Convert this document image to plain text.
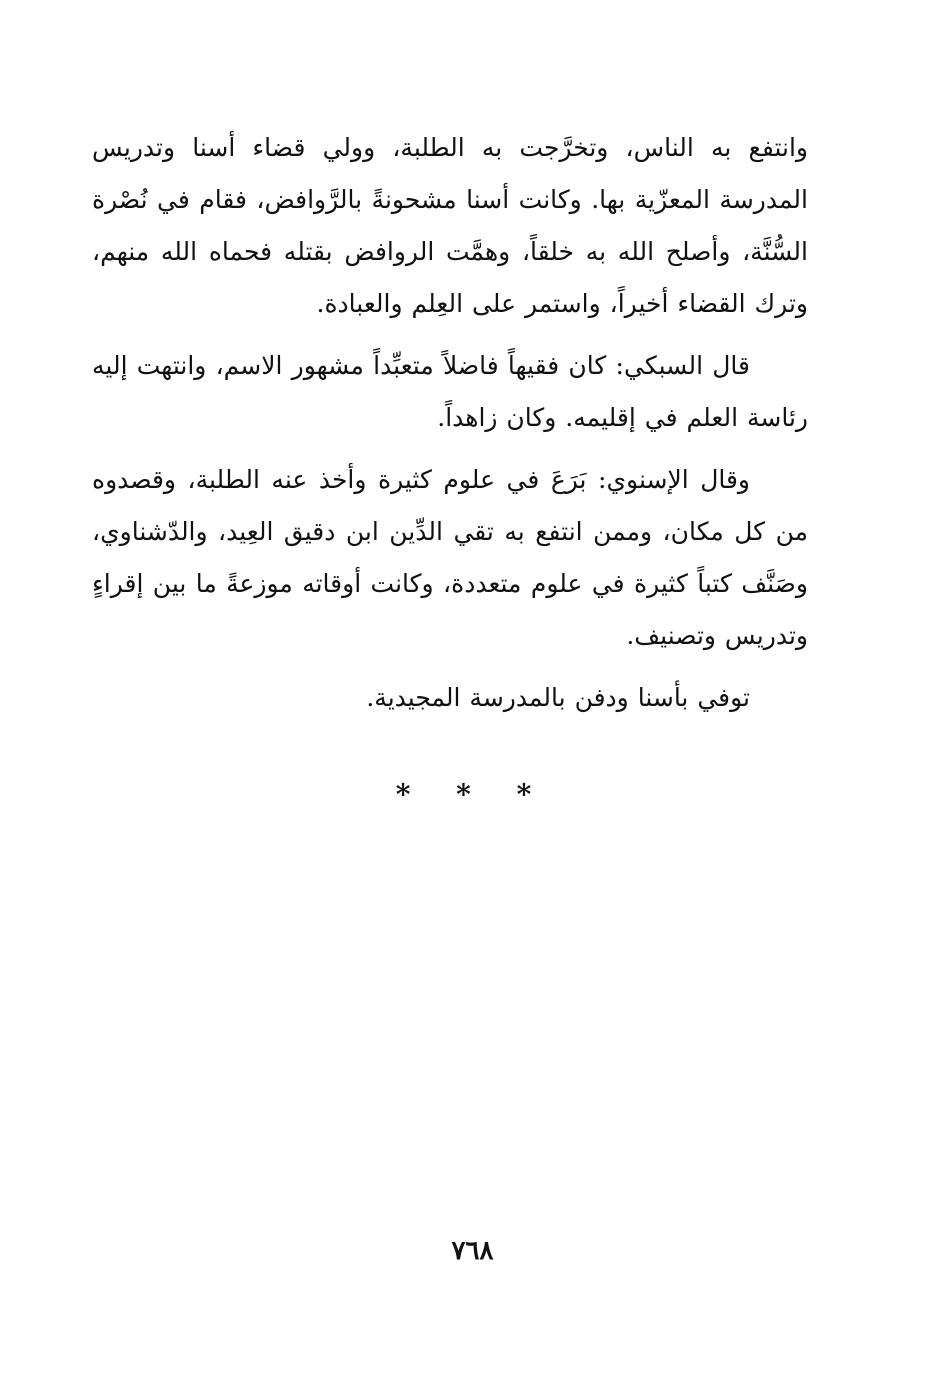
وانتفع به الناس، وتخرَّجت به الطلبة، وولي قضاء أسنا وتدريس المدرسة المعزّية بها. وكانت أسنا مشحونةً بالرَّوافض، فقام في نُصْرة السُّنَّة، وأصلح الله به خلقاً، وهمَّت الروافض بقتله فحماه الله منهم، وترك القضاء أخيراً، واستمر على العِلم والعبادة.

قال السبكي: كان فقيهاً فاضلاً متعبِّداً مشهور الاسم، وانتهت إليه رئاسة العلم في إقليمه. وكان زاهداً.

وقال الإسنوي: بَرَعَ في علوم كثيرة وأخذ عنه الطلبة، وقصدوه من كل مكان، وممن انتفع به تقي الدِّين ابن دقيق العِيد، والدّشناوي، وصَنَّف كتباً كثيرة في علوم متعددة، وكانت أوقاته موزعةً ما بين إقراءٍ وتدريس وتصنيف.

توفي بأسنا ودفن بالمدرسة المجيدية.

* * *
٧٦٨
